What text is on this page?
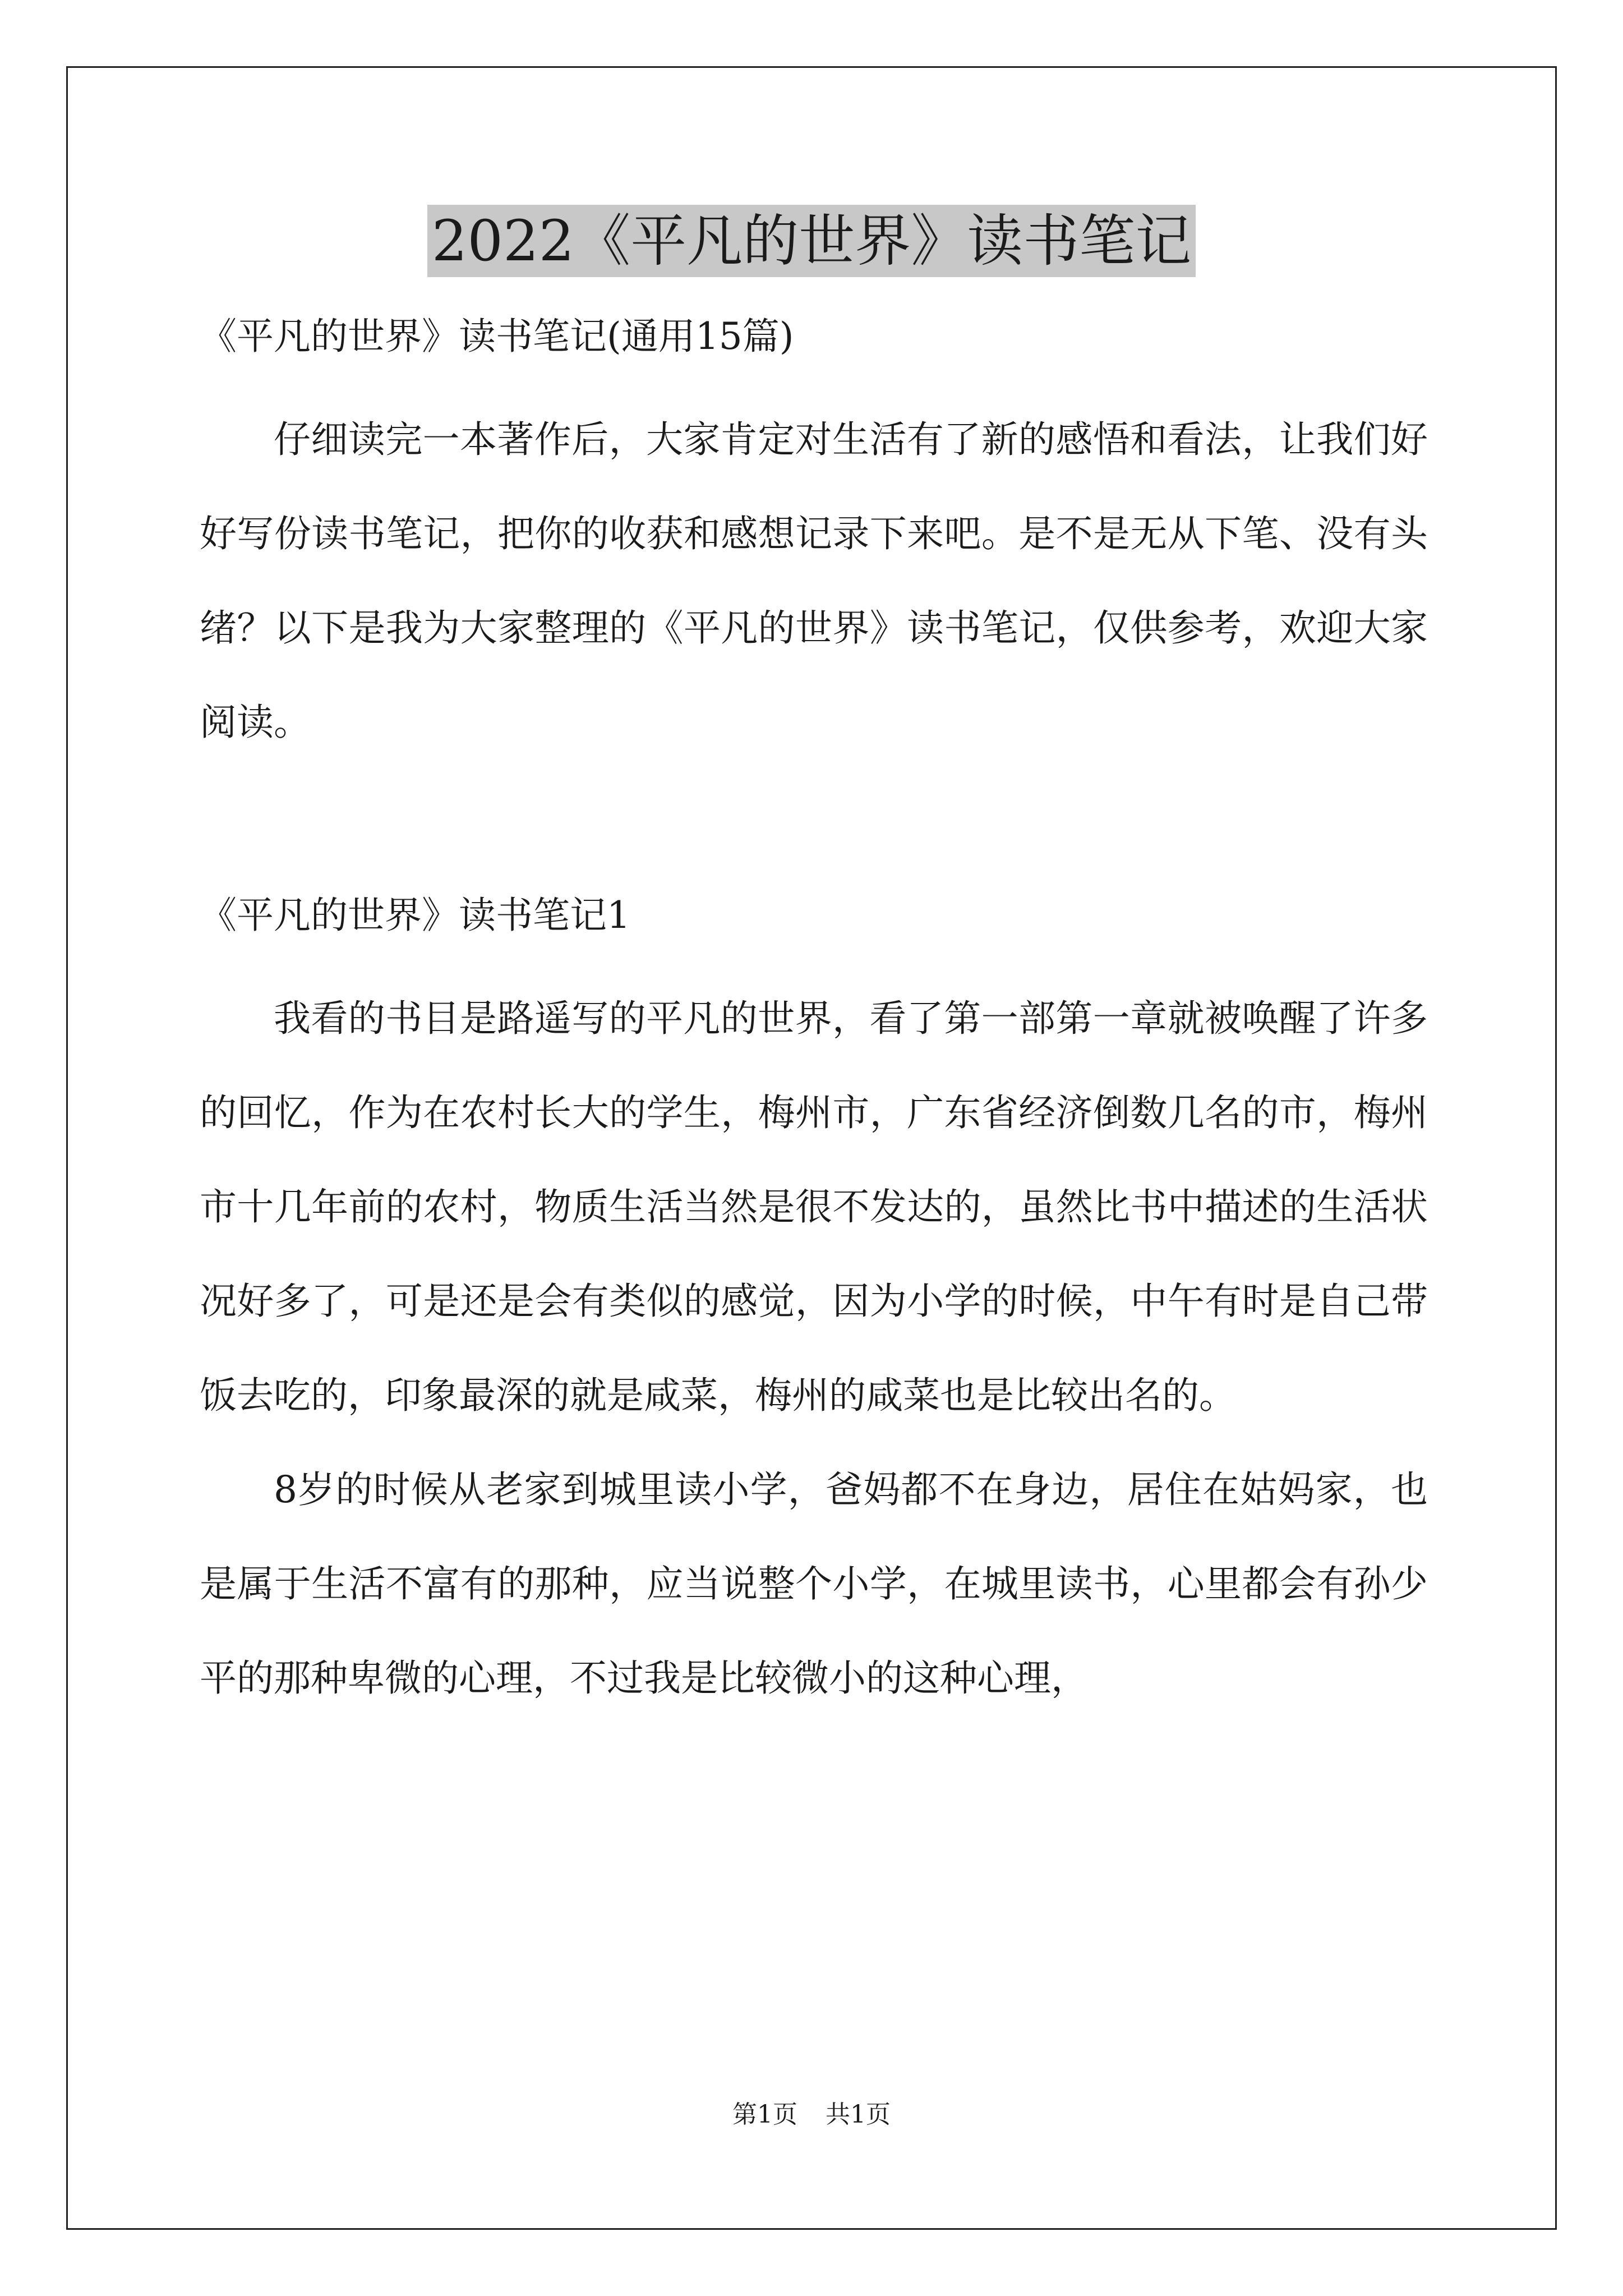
2022《平凡的世界》读书笔记

《平凡的世界》读书笔记(通用15篇)

仔细读完一本著作后，大家肯定对生活有了新的感悟和看法，让我们好好写份读书笔记，把你的收获和感想记录下来吧。是不是无从下笔、没有头绪？以下是我为大家整理的《平凡的世界》读书笔记，仅供参考，欢迎大家阅读。

《平凡的世界》读书笔记1

我看的书目是路遥写的平凡的世界，看了第一部第一章就被唤醒了许多的回忆，作为在农村长大的学生，梅州市，广东省经济倒数几名的市，梅州市十几年前的农村，物质生活当然是很不发达的，虽然比书中描述的生活状况好多了，可是还是会有类似的感觉，因为小学的时候，中午有时是自己带饭去吃的，印象最深的就是咸菜，梅州的咸菜也是比较出名的。

8岁的时候从老家到城里读小学，爸妈都不在身边，居住在姑妈家，也是属于生活不富有的那种，应当说整个小学，在城里读书，心里都会有孙少平的那种卑微的心理，不过我是比较微小的这种心理，

第1页 共1页
